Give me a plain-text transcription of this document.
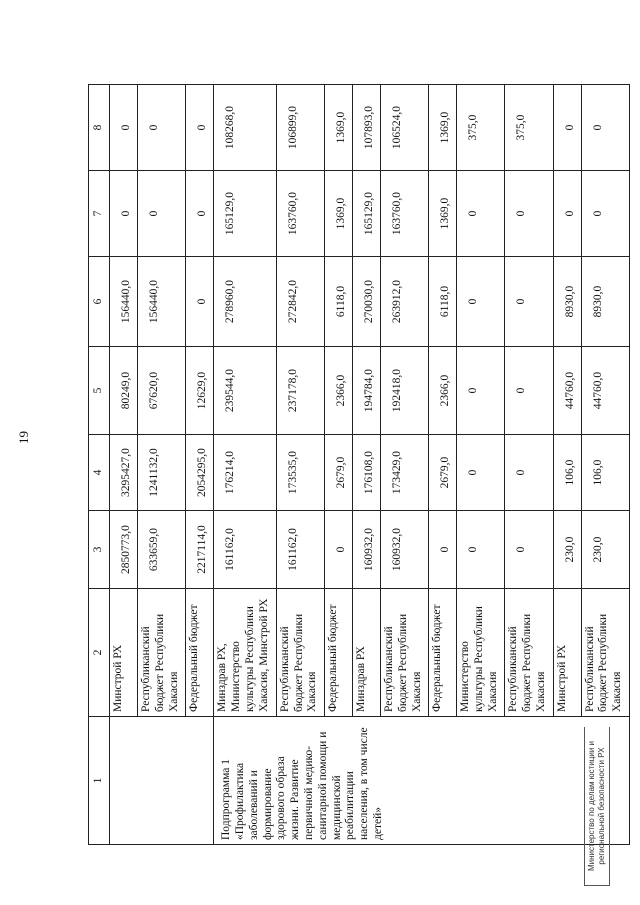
19
1	2	3	4	5	6	7	8
	Минстрой РХ	2850773,0	3295427,0	80249,0	156440,0	0	0
	Республиканский бюджет Республики Хакасия	633659,0	1241132,0	67620,0	156440,0	0	0
	Федеральный бюджет	2217114,0	2054295,0	12629,0	0	0	0
Подпрограмма 1 «Профилактика заболеваний и формирование здорового образа жизни. Развитие первичной медико-санитарной помощи и медицинской реабилитации населения, в том числе детей»	Минздрав РХ, Министерство культуры Республики Хакасия, Минстрой РХ	161162,0	176214,0	239544,0	278960,0	165129,0	108268,0
	Республиканский бюджет Республики Хакасия	161162,0	173535,0	237178,0	272842,0	163760,0	106899,0
	Федеральный бюджет	0	2679,0	2366,0	6118,0	1369,0	1369,0
	Минздрав РХ	160932,0	176108,0	194784,0	270030,0	165129,0	107893,0
	Республиканский бюджет Республики Хакасия	160932,0	173429,0	192418,0	263912,0	163760,0	106524,0
	Федеральный бюджет	0	2679,0	2366,0	6118,0	1369,0	1369,0
	Министерство культуры Республики Хакасия	0	0	0	0	0	375,0
	Республиканский бюджет Республики Хакасия	0	0	0	0	0	375,0
	Минстрой РХ	230,0	106,0	44760,0	8930,0	0	0
	Республиканский бюджет Республики Хакасия	230,0	106,0	44760,0	8930,0	0	0
Министерство по делам юстиции и региональной безопасности РХ
